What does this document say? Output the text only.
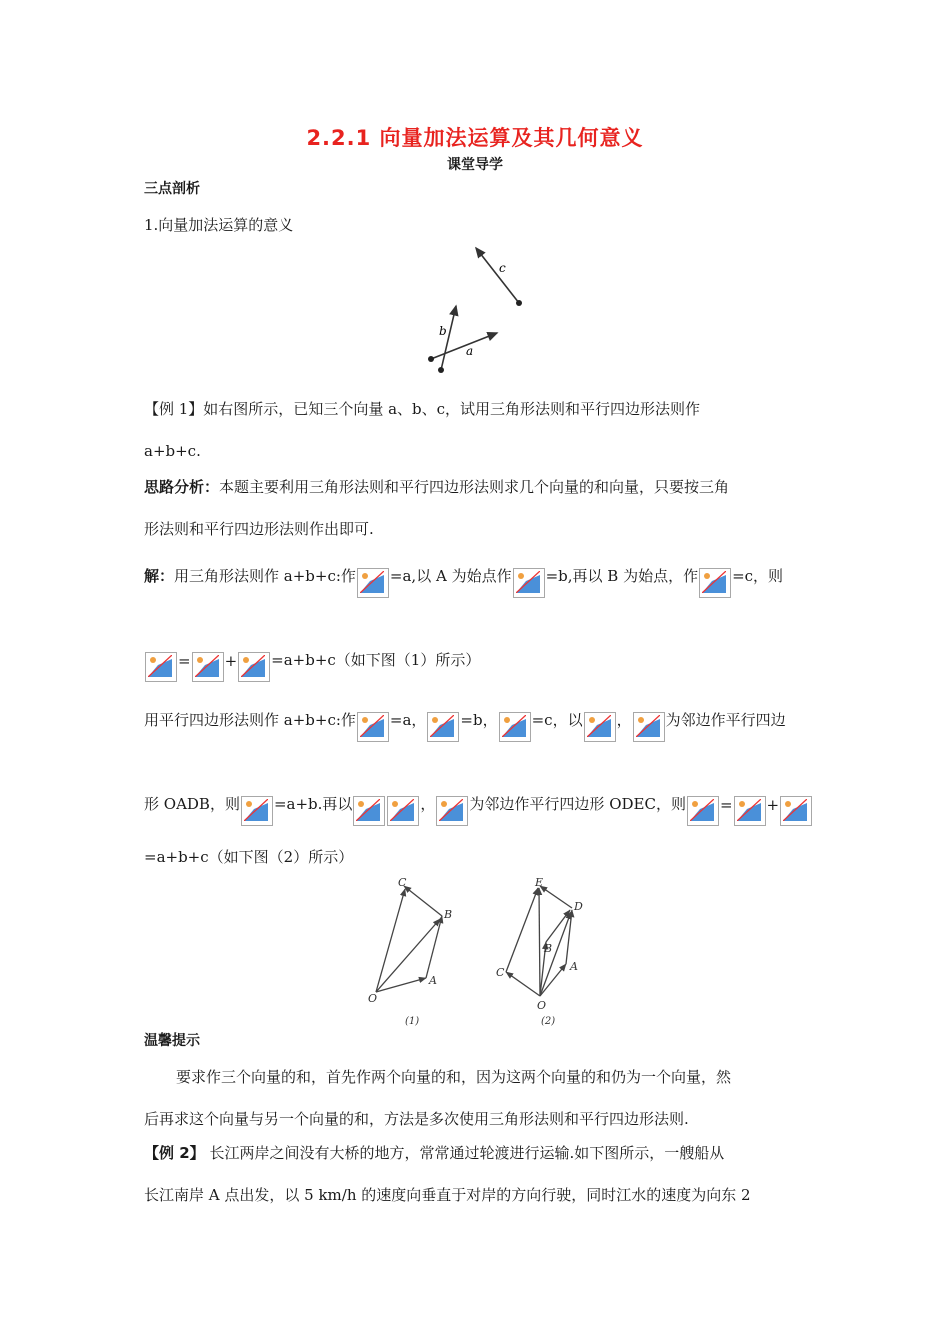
2.2.1 向量加法运算及其几何意义
课堂导学
三点剖析
1.向量加法运算的意义
c
b
a
【例 1】如右图所示，已知三个向量 a、b、c，试用三角形法则和平行四边形法则作
a+b+c.
思路分析：本题主要利用三角形法则和平行四边形法则求几个向量的和向量，只要按三角
形法则和平行四边形法则作出即可.
解： 用三角形法则作 a+b+c:作 =a,以 A 为始点作 =b,再以 B 为始点，作 =c，则
= + =a+b+c（如下图（1）所示）
用平行四边形法则作 a+b+c:作 =a， =b， =c，以 ， 为邻边作平行四边
形 OADB，则 =a+b.再以	， 为邻边作平行四边形 ODEC，则 = +
=a+b+c（如下图（2）所示）
O
A
B
C
(1)
O
A
B
C
D
E
(2)
温馨提示
要求作三个向量的和，首先作两个向量的和，因为这两个向量的和仍为一个向量，然
后再求这个向量与另一个向量的和，方法是多次使用三角形法则和平行四边形法则.
【例 2】 长江两岸之间没有大桥的地方，常常通过轮渡进行运输.如下图所示，一艘船从
长江南岸 A 点出发，以 5 km/h 的速度向垂直于对岸的方向行驶，同时江水的速度为向东 2
